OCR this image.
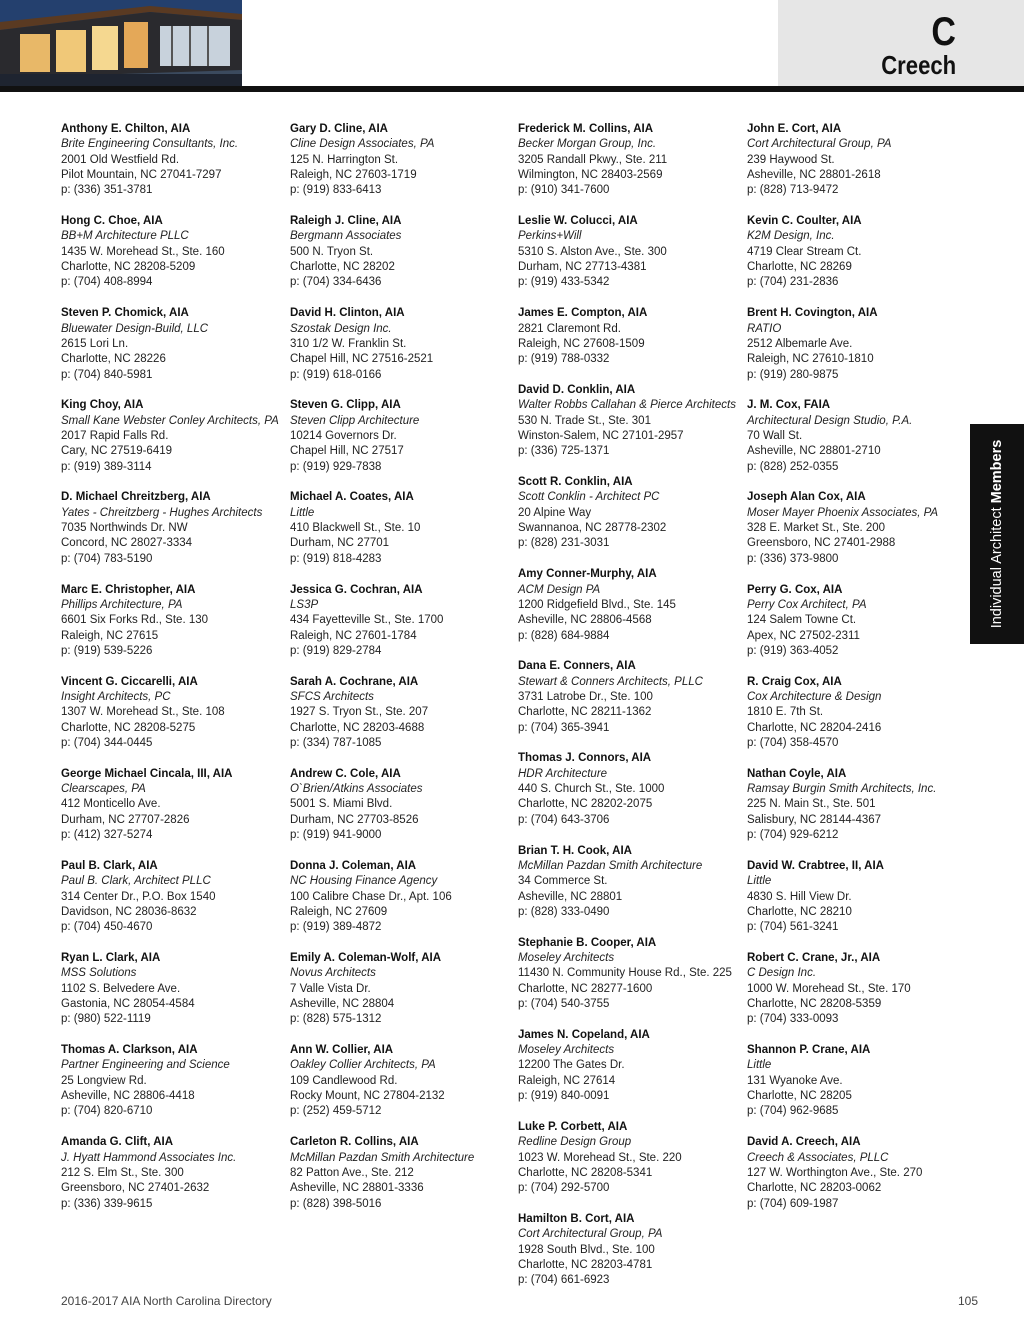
C
Creech
Individual Architect Members
Anthony E. Chilton, AIA
Brite Engineering Consultants, Inc.
2001 Old Westfield Rd.
Pilot Mountain, NC 27041-7297
p: (336) 351-3781
Hong C. Choe, AIA
BB+M Architecture PLLC
1435 W. Morehead St., Ste. 160
Charlotte, NC 28208-5209
p: (704) 408-8994
Steven P. Chomick, AIA
Bluewater Design-Build, LLC
2615 Lori Ln.
Charlotte, NC 28226
p: (704) 840-5981
King Choy, AIA
Small Kane Webster Conley Architects, PA
2017 Rapid Falls Rd.
Cary, NC 27519-6419
p: (919) 389-3114
D. Michael Chreitzberg, AIA
Yates - Chreitzberg - Hughes Architects
7035 Northwinds Dr. NW
Concord, NC 28027-3334
p: (704) 783-5190
Marc E. Christopher, AIA
Phillips Architecture, PA
6601 Six Forks Rd., Ste. 130
Raleigh, NC 27615
p: (919) 539-5226
Vincent G. Ciccarelli, AIA
Insight Architects, PC
1307 W. Morehead St., Ste. 108
Charlotte, NC 28208-5275
p: (704) 344-0445
George Michael Cincala, III, AIA
Clearscapes, PA
412 Monticello Ave.
Durham, NC 27707-2826
p: (412) 327-5274
Paul B. Clark, AIA
Paul B. Clark, Architect PLLC
314 Center Dr., P.O. Box 1540
Davidson, NC 28036-8632
p: (704) 450-4670
Ryan L. Clark, AIA
MSS Solutions
1102 S. Belvedere Ave.
Gastonia, NC 28054-4584
p: (980) 522-1119
Thomas A. Clarkson, AIA
Partner Engineering and Science
25 Longview Rd.
Asheville, NC 28806-4418
p: (704) 820-6710
Amanda G. Clift, AIA
J. Hyatt Hammond Associates Inc.
212 S. Elm St., Ste. 300
Greensboro, NC 27401-2632
p: (336) 339-9615
Gary D. Cline, AIA
Cline Design Associates, PA
125 N. Harrington St.
Raleigh, NC 27603-1719
p: (919) 833-6413
Raleigh J. Cline, AIA
Bergmann Associates
500 N. Tryon St.
Charlotte, NC 28202
p: (704) 334-6436
David H. Clinton, AIA
Szostak Design Inc.
310 1/2 W. Franklin St.
Chapel Hill, NC 27516-2521
p: (919) 618-0166
Steven G. Clipp, AIA
Steven Clipp Architecture
10214 Governors Dr.
Chapel Hill, NC 27517
p: (919) 929-7838
Michael A. Coates, AIA
Little
410 Blackwell St., Ste. 10
Durham, NC 27701
p: (919) 818-4283
Jessica G. Cochran, AIA
LS3P
434 Fayetteville St., Ste. 1700
Raleigh, NC 27601-1784
p: (919) 829-2784
Sarah A. Cochrane, AIA
SFCS Architects
1927 S. Tryon St., Ste. 207
Charlotte, NC 28203-4688
p: (334) 787-1085
Andrew C. Cole, AIA
O`Brien/Atkins Associates
5001 S. Miami Blvd.
Durham, NC 27703-8526
p: (919) 941-9000
Donna J. Coleman, AIA
NC Housing Finance Agency
100 Calibre Chase Dr., Apt. 106
Raleigh, NC 27609
p: (919) 389-4872
Emily A. Coleman-Wolf, AIA
Novus Architects
7 Valle Vista Dr.
Asheville, NC 28804
p: (828) 575-1312
Ann W. Collier, AIA
Oakley Collier Architects, PA
109 Candlewood Rd.
Rocky Mount, NC 27804-2132
p: (252) 459-5712
Carleton R. Collins, AIA
McMillan Pazdan Smith Architecture
82 Patton Ave., Ste. 212
Asheville, NC 28801-3336
p: (828) 398-5016
Frederick M. Collins, AIA
Becker Morgan Group, Inc.
3205 Randall Pkwy., Ste. 211
Wilmington, NC 28403-2569
p: (910) 341-7600
Leslie W. Colucci, AIA
Perkins+Will
5310 S. Alston Ave., Ste. 300
Durham, NC 27713-4381
p: (919) 433-5342
James E. Compton, AIA
2821 Claremont Rd.
Raleigh, NC 27608-1509
p: (919) 788-0332
David D. Conklin, AIA
Walter Robbs Callahan & Pierce Architects
530 N. Trade St., Ste. 301
Winston-Salem, NC 27101-2957
p: (336) 725-1371
Scott R. Conklin, AIA
Scott Conklin - Architect PC
20 Alpine Way
Swannanoa, NC 28778-2302
p: (828) 231-3031
Amy Conner-Murphy, AIA
ACM Design PA
1200 Ridgefield Blvd., Ste. 145
Asheville, NC 28806-4568
p: (828) 684-9884
Dana E. Conners, AIA
Stewart & Conners Architects, PLLC
3731 Latrobe Dr., Ste. 100
Charlotte, NC 28211-1362
p: (704) 365-3941
Thomas J. Connors, AIA
HDR Architecture
440 S. Church St., Ste. 1000
Charlotte, NC 28202-2075
p: (704) 643-3706
Brian T. H. Cook, AIA
McMillan Pazdan Smith Architecture
34 Commerce St.
Asheville, NC 28801
p: (828) 333-0490
Stephanie B. Cooper, AIA
Moseley Architects
11430 N. Community House Rd., Ste. 225
Charlotte, NC 28277-1600
p: (704) 540-3755
James N. Copeland, AIA
Moseley Architects
12200 The Gates Dr.
Raleigh, NC 27614
p: (919) 840-0091
Luke P. Corbett, AIA
Redline Design Group
1023 W. Morehead St., Ste. 220
Charlotte, NC 28208-5341
p: (704) 292-5700
Hamilton B. Cort, AIA
Cort Architectural Group, PA
1928 South Blvd., Ste. 100
Charlotte, NC 28203-4781
p: (704) 661-6923
John E. Cort, AIA
Cort Architectural Group, PA
239 Haywood St.
Asheville, NC 28801-2618
p: (828) 713-9472
Kevin C. Coulter, AIA
K2M Design, Inc.
4719 Clear Stream Ct.
Charlotte, NC 28269
p: (704) 231-2836
Brent H. Covington, AIA
RATIO
2512 Albemarle Ave.
Raleigh, NC 27610-1810
p: (919) 280-9875
J. M. Cox, FAIA
Architectural Design Studio, P.A.
70 Wall St.
Asheville, NC 28801-2710
p: (828) 252-0355
Joseph Alan Cox, AIA
Moser Mayer Phoenix Associates, PA
328 E. Market St., Ste. 200
Greensboro, NC 27401-2988
p: (336) 373-9800
Perry G. Cox, AIA
Perry Cox Architect, PA
124 Salem Towne Ct.
Apex, NC 27502-2311
p: (919) 363-4052
R. Craig Cox, AIA
Cox Architecture & Design
1810 E. 7th St.
Charlotte, NC 28204-2416
p: (704) 358-4570
Nathan Coyle, AIA
Ramsay Burgin Smith Architects, Inc.
225 N. Main St., Ste. 501
Salisbury, NC 28144-4367
p: (704) 929-6212
David W. Crabtree, II, AIA
Little
4830 S. Hill View Dr.
Charlotte, NC 28210
p: (704) 561-3241
Robert C. Crane, Jr., AIA
C Design Inc.
1000 W. Morehead St., Ste. 170
Charlotte, NC 28208-5359
p: (704) 333-0093
Shannon P. Crane, AIA
Little
131 Wyanoke Ave.
Charlotte, NC 28205
p: (704) 962-9685
David A. Creech, AIA
Creech & Associates, PLLC
127 W. Worthington Ave., Ste. 270
Charlotte, NC 28203-0062
p: (704) 609-1987
2016-2017 AIA North Carolina Directory	105
